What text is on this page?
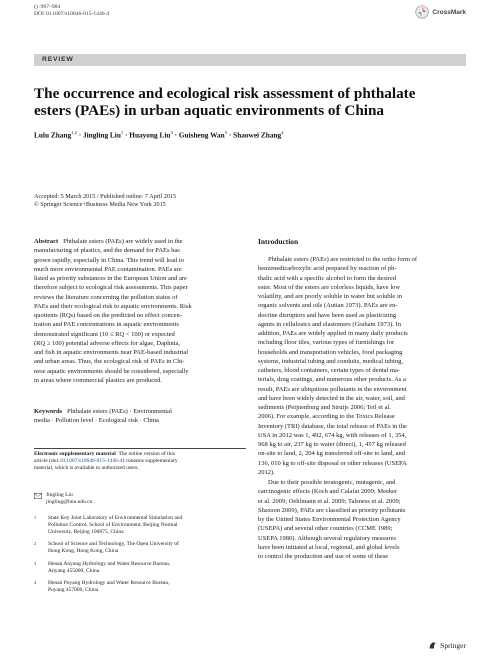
() :967–984
DOI 10.1007/s10646-015-1446-4	CrossMark
REVIEW
The occurrence and ecological risk assessment of phthalate esters (PAEs) in urban aquatic environments of China
Lulu Zhang$^{1,2}$ · Jingling Liu$^1$ · Huayong Liu$^3$ · Guisheng Wan$^3$ · Shaowei Zhang$^4$
Accepted: 5 March 2015 / Published online: 7 April 2015
© Springer Science+Business Media New York 2015

Abstract Phthalate esters (PAEs) are widely used in the

manufacturing of plastics, and the demand for PAEs has

grown rapidly, especially in China. This trend will lead to

much more environmental PAE contamination. PAEs are

listed as priority substances in the European Union and are

therefore subject to ecological risk assessments. This paper

reviews the literature concerning the pollution status of

PAEs and their ecological risk to aquatic environments. Risk

quotients (RQs) based on the predicted no effect concen-

tration and PAE concentrations in aquatic environments

demonstrated significant (10 ≤ RQ < 100) or expected

(RQ ≥ 100) potential adverse effects for algae, Daphnia,

and fish in aquatic environments near PAE-based industrial

and urban areas. Thus, the ecological risk of PAEs in Chi-

nese aquatic environments should be considered, especially

in areas where commercial plastics are produced.

Keywords Phthalate esters (PAEs) · Environmental

media · Pollution level · Ecological risk · China

Electronic supplementary material The online version of this
article (doi:10.1007/s10646-015-1446-4) contains supplementary
material, which is available to authorized users.
Jingling Liu
jingling@bnu.edu.cn
1	State Key Joint Laboratory of Environmental Simulation and
Pollution Control, School of Environment, Beijing Normal
University, Beijing 100875, China
2	School of Science and Technology, The Open University of
Hong Kong, Hong Kong, China
3	Henan Anyang Hydrology and Water Resource Bureau,
Anyang 455000, China
4	Henan Puyang Hydrology and Water Resource Bureau,
Puyang 457000, China
Introduction

Phthalate esters (PAEs) are restricted to the ortho form of

benzenedicarboxylic acid prepared by reaction of ph-

thalic acid with a specific alcohol to form the desired

ester. Most of the esters are colorless liquids, have low

volatility, and are poorly soluble in water but soluble in

organic solvents and oils (Autian 1973). PAEs are en-

docrine disruptors and have been used as plasticizing

agents in cellulosics and elastomers (Graham 1973). In

addition, PAEs are widely applied in many daily products

including floor tiles, various types of furnishings for

households and transportation vehicles, food packaging

systems, industrial tubing and conduits, medical tubing,

catheters, blood containers, certain types of dental ma-

terials, drug coatings, and numerous other products. As a

result, PAEs are ubiquitous pollutants in the environment

and have been widely detected in the air, water, soil, and

sediments (Peijnenburg and Struijs 2006; Teil et al.

2006). For example, according to the Toxics Release

Inventory (TRI) database, the total release of PAEs in the

USA in 2012 was 1, 492, 674 kg, with releases of 1, 354,

968 kg to air, 237 kg to water (direct), 1, 457 kg released

on-site to land, 2, 204 kg transferred off-site to land, and

136, 010 kg to off-site disposal or other releases (USEPA

2012).

Due to their possible teratogenic, mutagenic, and

carcinogenic effects (Koch and Calafat 2009; Meeker

et al. 2009; Oehlmann et al. 2009; Talsness et al. 2009;

Shaxson 2009), PAEs are classified as priority pollutants

by the United States Environmental Protection Agency

(USEPA) and several other countries (CCME 1989;

USEPA 1980). Although several regulatory measures

have been initiated at local, regional, and global levels

to control the production and use of some of these

Springer
